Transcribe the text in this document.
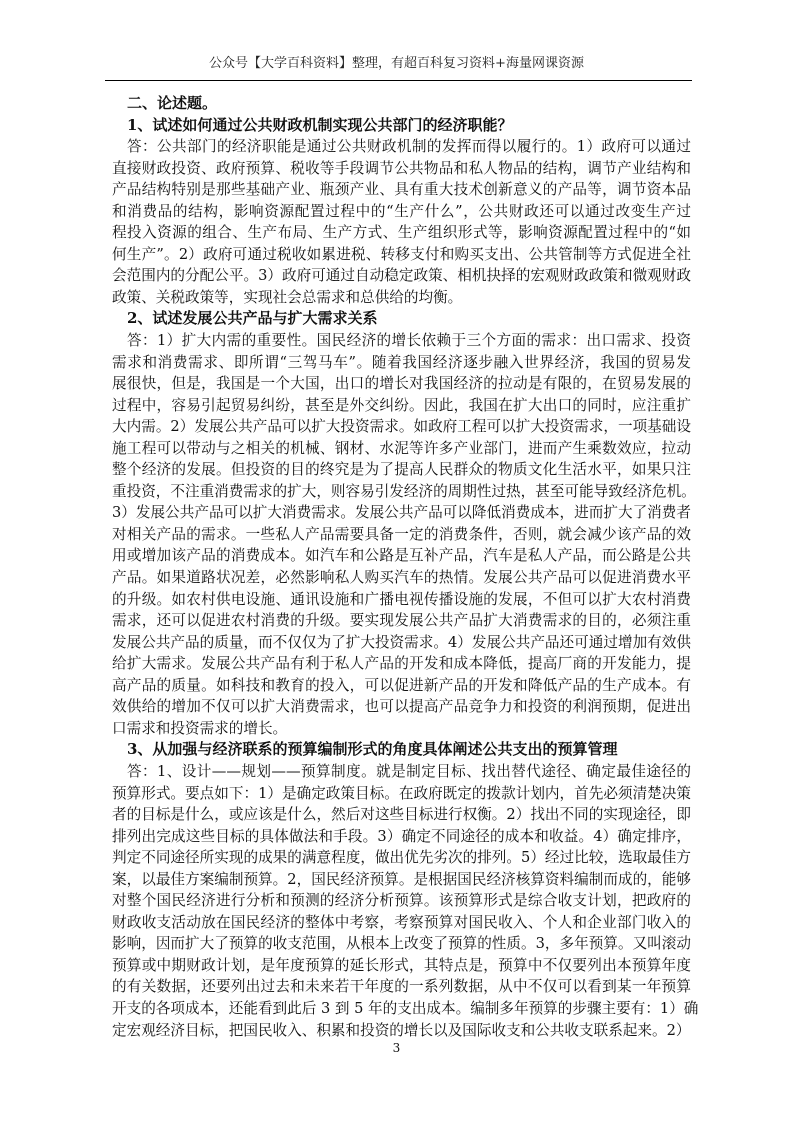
公众号【大学百科资料】整理，有超百科复习资料+海量网课资源
二、论述题。
1、试述如何通过公共财政机制实现公共部门的经济职能？
答：公共部门的经济职能是通过公共财政机制的发挥而得以履行的。1）政府可以通过
直接财政投资、政府预算、税收等手段调节公共物品和私人物品的结构，调节产业结构和
产品结构特别是那些基础产业、瓶颈产业、具有重大技术创新意义的产品等，调节资本品
和消费品的结构，影响资源配置过程中的“生产什么”，公共财政还可以通过改变生产过
程投入资源的组合、生产布局、生产方式、生产组织形式等，影响资源配置过程中的“如
何生产”。2）政府可通过税收如累进税、转移支付和购买支出、公共管制等方式促进全社
会范围内的分配公平。3）政府可通过自动稳定政策、相机抉择的宏观财政政策和微观财政
政策、关税政策等，实现社会总需求和总供给的均衡。
2、试述发展公共产品与扩大需求关系
答：1）扩大内需的重要性。国民经济的增长依赖于三个方面的需求：出口需求、投资
需求和消费需求、即所谓“三驾马车”。随着我国经济逐步融入世界经济，我国的贸易发
展很快，但是，我国是一个大国，出口的增长对我国经济的拉动是有限的，在贸易发展的
过程中，容易引起贸易纠纷，甚至是外交纠纷。因此，我国在扩大出口的同时，应注重扩
大内需。2）发展公共产品可以扩大投资需求。如政府工程可以扩大投资需求，一项基础设
施工程可以带动与之相关的机械、钢材、水泥等许多产业部门，进而产生乘数效应，拉动
整个经济的发展。但投资的目的终究是为了提高人民群众的物质文化生活水平，如果只注
重投资，不注重消费需求的扩大，则容易引发经济的周期性过热，甚至可能导致经济危机。
3）发展公共产品可以扩大消费需求。发展公共产品可以降低消费成本，进而扩大了消费者
对相关产品的需求。一些私人产品需要具备一定的消费条件，否则，就会减少该产品的效
用或增加该产品的消费成本。如汽车和公路是互补产品，汽车是私人产品，而公路是公共
产品。如果道路状况差，必然影响私人购买汽车的热情。发展公共产品可以促进消费水平
的升级。如农村供电设施、通讯设施和广播电视传播设施的发展，不但可以扩大农村消费
需求，还可以促进农村消费的升级。要实现发展公共产品扩大消费需求的目的，必须注重
发展公共产品的质量，而不仅仅为了扩大投资需求。4）发展公共产品还可通过增加有效供
给扩大需求。发展公共产品有利于私人产品的开发和成本降低，提高厂商的开发能力，提
高产品的质量。如科技和教育的投入，可以促进新产品的开发和降低产品的生产成本。有
效供给的增加不仅可以扩大消费需求，也可以提高产品竞争力和投资的利润预期，促进出
口需求和投资需求的增长。
3、从加强与经济联系的预算编制形式的角度具体阐述公共支出的预算管理
答：1、设计——规划——预算制度。就是制定目标、找出替代途径、确定最佳途径的
预算形式。要点如下：1）是确定政策目标。在政府既定的拨款计划内，首先必须清楚决策
者的目标是什么，或应该是什么，然后对这些目标进行权衡。2）找出不同的实现途径，即
排列出完成这些目标的具体做法和手段。3）确定不同途径的成本和收益。4）确定排序，
判定不同途径所实现的成果的满意程度，做出优先劣次的排列。5）经过比较，选取最佳方
案，以最佳方案编制预算。2，国民经济预算。是根据国民经济核算资料编制而成的，能够
对整个国民经济进行分析和预测的经济分析预算。该预算形式是综合收支计划，把政府的
财政收支活动放在国民经济的整体中考察，考察预算对国民收入、个人和企业部门收入的
影响，因而扩大了预算的收支范围，从根本上改变了预算的性质。3，多年预算。又叫滚动
预算或中期财政计划，是年度预算的延长形式，其特点是，预算中不仅要列出本预算年度
的有关数据，还要列出过去和未来若干年度的一系列数据，从中不仅可以看到某一年预算
开支的各项成本，还能看到此后 3 到 5 年的支出成本。编制多年预算的步骤主要有：1）确
定宏观经济目标，把国民收入、积累和投资的增长以及国际收支和公共收支联系起来。2）
3
